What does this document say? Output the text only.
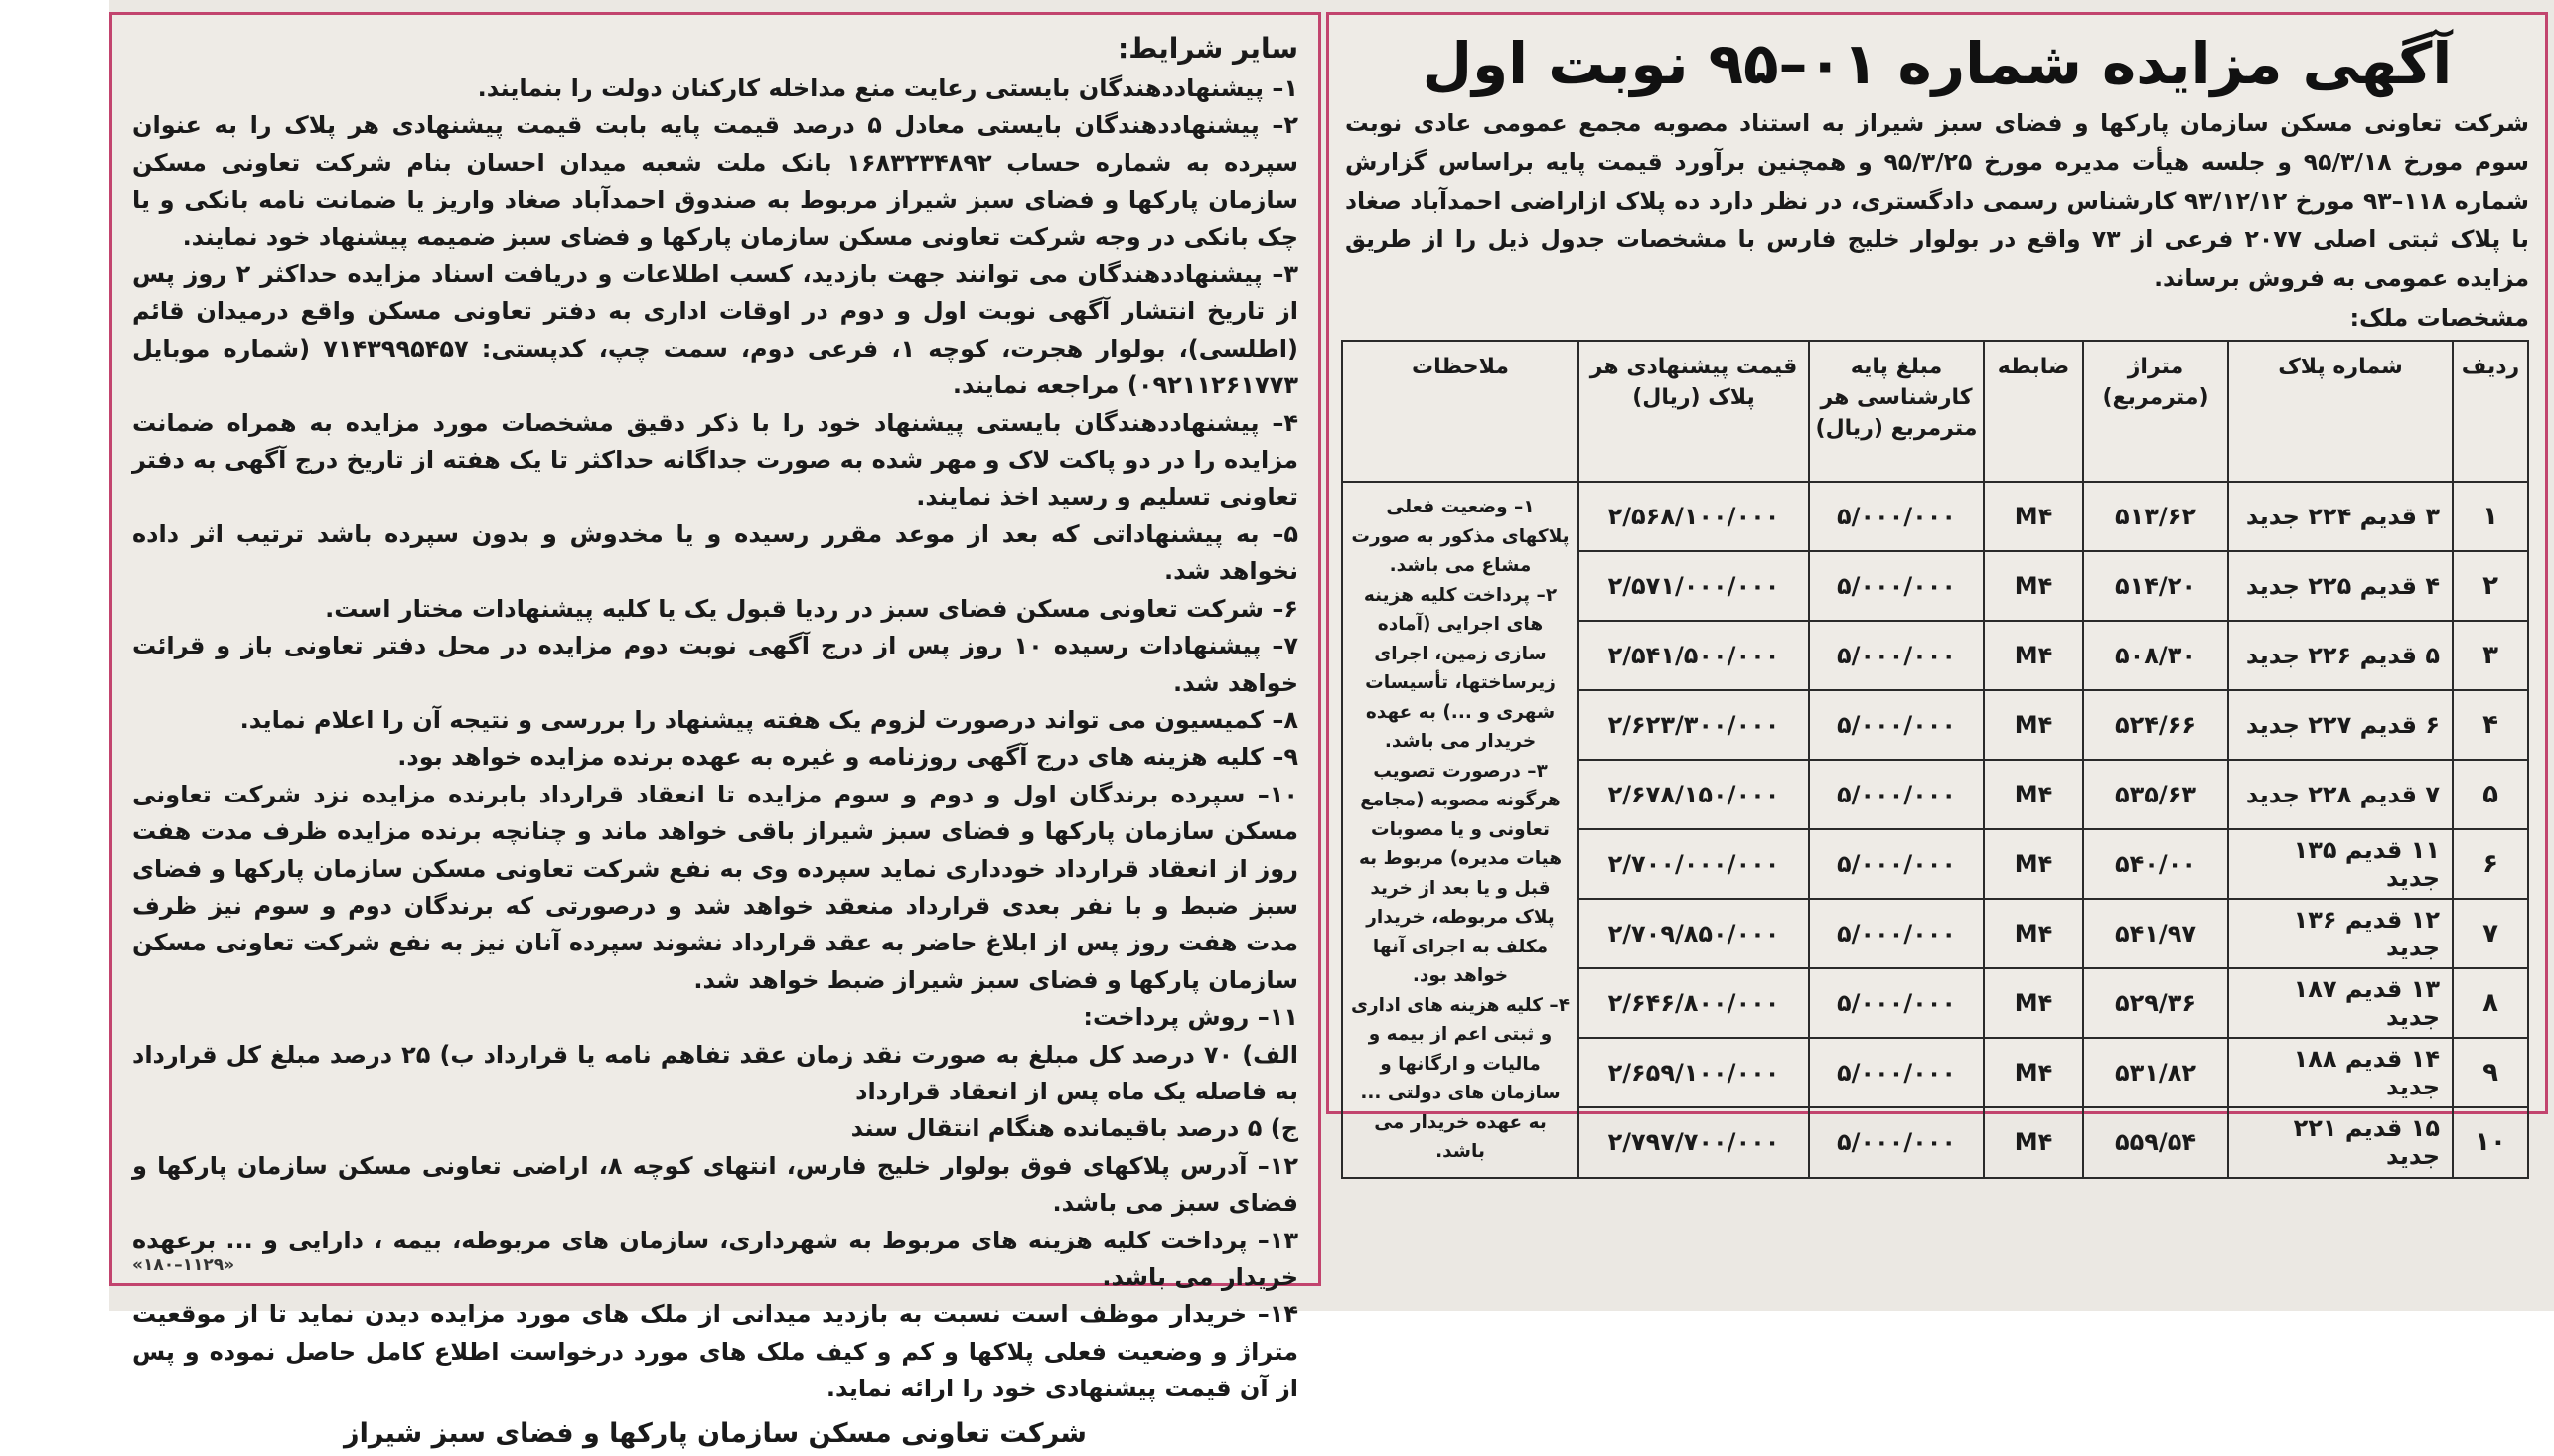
آگهی مزایده شماره ۰۱–۹۵ نوبت اول

شرکت تعاونی مسکن سازمان پارکها و فضای سبز شیراز به استناد مصوبه مجمع عمومی عادی نوبت سوم مورخ ۹۵/۳/۱۸ و جلسه هیأت مدیره مورخ ۹۵/۳/۲۵ و همچنین برآورد قیمت پایه براساس گزارش شماره ۱۱۸–۹۳ مورخ ۹۳/۱۲/۱۲ کارشناس رسمی دادگستری، در نظر دارد ده پلاک ازاراضی احمدآباد صغاد با پلاک ثبتی اصلی ۲۰۷۷ فرعی از ۷۳ واقع در بولوار خلیج فارس با مشخصات جدول ذیل را از طریق مزایده عمومی به فروش برساند.

مشخصات ملک:
ردیف	شماره پلاک	متراژ (مترمربع)	ضابطه	مبلغ پایه کارشناسی هر مترمربع (ریال)	قیمت پیشنهادی هر پلاک (ریال)	ملاحظات
۱	۳ قدیم ۲۲۴ جدید	۵۱۳/۶۲	M۴	۵/۰۰۰/۰۰۰	۲/۵۶۸/۱۰۰/۰۰۰	۱– وضعیت فعلی پلاکهای مذکور به صورت مشاع می باشد.
۲– پرداخت کلیه هزینه های اجرایی (آماده سازی زمین، اجرای زیرساختها، تأسیسات شهری و ...) به عهده خریدار می باشد.
۳– درصورت تصویب هرگونه مصوبه (مجامع تعاونی و یا مصوبات هیات مدیره) مربوط به قبل و یا بعد از خرید پلاک مربوطه، خریدار مکلف به اجرای آنها خواهد بود.
۴– کلیه هزینه های اداری و ثبتی اعم از بیمه و مالیات و ارگانها و سازمان های دولتی ... به عهده خریدار می باشد.

۲	۴ قدیم ۲۲۵ جدید	۵۱۴/۲۰	M۴	۵/۰۰۰/۰۰۰	۲/۵۷۱/۰۰۰/۰۰۰	
۳	۵ قدیم ۲۲۶ جدید	۵۰۸/۳۰	M۴	۵/۰۰۰/۰۰۰	۲/۵۴۱/۵۰۰/۰۰۰	
۴	۶ قدیم ۲۲۷ جدید	۵۲۴/۶۶	M۴	۵/۰۰۰/۰۰۰	۲/۶۲۳/۳۰۰/۰۰۰	
۵	۷ قدیم ۲۲۸ جدید	۵۳۵/۶۳	M۴	۵/۰۰۰/۰۰۰	۲/۶۷۸/۱۵۰/۰۰۰	
۶	۱۱ قدیم ۱۳۵ جدید	۵۴۰/۰۰	M۴	۵/۰۰۰/۰۰۰	۲/۷۰۰/۰۰۰/۰۰۰	
۷	۱۲ قدیم ۱۳۶ جدید	۵۴۱/۹۷	M۴	۵/۰۰۰/۰۰۰	۲/۷۰۹/۸۵۰/۰۰۰	
۸	۱۳ قدیم ۱۸۷ جدید	۵۲۹/۳۶	M۴	۵/۰۰۰/۰۰۰	۲/۶۴۶/۸۰۰/۰۰۰	
۹	۱۴ قدیم ۱۸۸ جدید	۵۳۱/۸۲	M۴	۵/۰۰۰/۰۰۰	۲/۶۵۹/۱۰۰/۰۰۰	
۱۰	۱۵ قدیم ۲۲۱ جدید	۵۵۹/۵۴	M۴	۵/۰۰۰/۰۰۰	۲/۷۹۷/۷۰۰/۰۰۰	
سایر شرایط:

۱– پیشنهاددهندگان بایستی رعایت منع مداخله کارکنان دولت را بنمایند.

۲– پیشنهاددهندگان بایستی معادل ۵ درصد قیمت پایه بابت قیمت پیشنهادی هر پلاک را به عنوان سپرده به شماره حساب ۱۶۸۳۲۳۴۸۹۲ بانک ملت شعبه میدان احسان بنام شرکت تعاونی مسکن سازمان پارکها و فضای سبز شیراز مربوط به صندوق احمدآباد صغاد واریز یا ضمانت نامه بانکی و یا چک بانکی در وجه شرکت تعاونی مسکن سازمان پارکها و فضای سبز ضمیمه پیشنهاد خود نمایند.

۳– پیشنهاددهندگان می توانند جهت بازدید، کسب اطلاعات و دریافت اسناد مزایده حداکثر ۲ روز پس از تاریخ انتشار آگهی نوبت اول و دوم در اوقات اداری به دفتر تعاونی مسکن واقع درمیدان قائم (اطلسی)، بولوار هجرت، کوچه ۱، فرعی دوم، سمت چپ، کدپستی: ۷۱۴۳۹۹۵۴۵۷ (شماره موبایل ۰۹۲۱۱۲۶۱۷۷۳) مراجعه نمایند.

۴– پیشنهاددهندگان بایستی پیشنهاد خود را با ذکر دقیق مشخصات مورد مزایده به همراه ضمانت مزایده را در دو پاکت لاک و مهر شده به صورت جداگانه حداکثر تا یک هفته از تاریخ درج آگهی به دفتر تعاونی تسلیم و رسید اخذ نمایند.

۵– به پیشنهاداتی که بعد از موعد مقرر رسیده و یا مخدوش و بدون سپرده باشد ترتیب اثر داده نخواهد شد.

۶– شرکت تعاونی مسکن فضای سبز در ردیا قبول یک یا کلیه پیشنهادات مختار است.

۷– پیشنهادات رسیده ۱۰ روز پس از درج آگهی نوبت دوم مزایده در محل دفتر تعاونی باز و قرائت خواهد شد.

۸– کمیسیون می تواند درصورت لزوم یک هفته پیشنهاد را بررسی و نتیجه آن را اعلام نماید.

۹– کلیه هزینه های درج آگهی روزنامه و غیره به عهده برنده مزایده خواهد بود.

۱۰– سپرده برندگان اول و دوم و سوم مزایده تا انعقاد قرارداد بابرنده مزایده نزد شرکت تعاونی مسکن سازمان پارکها و فضای سبز شیراز باقی خواهد ماند و چنانچه برنده مزایده ظرف مدت هفت روز از انعقاد قرارداد خودداری نماید سپرده وی به نفع شرکت تعاونی مسکن سازمان پارکها و فضای سبز ضبط و با نفر بعدی قرارداد منعقد خواهد شد و درصورتی که برندگان دوم و سوم نیز ظرف مدت هفت روز پس از ابلاغ حاضر به عقد قرارداد نشوند سپرده آنان نیز به نفع شرکت تعاونی مسکن سازمان پارکها و فضای سبز شیراز ضبط خواهد شد.

۱۱– روش پرداخت:

الف) ۷۰ درصد کل مبلغ به صورت نقد زمان عقد تفاهم نامه یا قرارداد ب) ۲۵ درصد مبلغ کل قرارداد به فاصله یک ماه پس از انعقاد قرارداد

ج) ۵ درصد باقیمانده هنگام انتقال سند

۱۲– آدرس پلاکهای فوق بولوار خلیج فارس، انتهای کوچه ۸، اراضی تعاونی مسکن سازمان پارکها و فضای سبز می باشد.

۱۳– پرداخت کلیه هزینه های مربوط به شهرداری، سازمان های مربوطه، بیمه ، دارایی و ... برعهده خریدار می باشد.

۱۴– خریدار موظف است نسبت به بازدید میدانی از ملک های مورد مزایده دیدن نماید تا از موقعیت متراژ و وضعیت فعلی پلاکها و کم و کیف ملک های مورد درخواست اطلاع کامل حاصل نموده و پس از آن قیمت پیشنهادی خود را ارائه نماید.

شرکت تعاونی مسکن سازمان پارکها و فضای سبز شیراز
«۱۸۰–۱۱۲۹»
